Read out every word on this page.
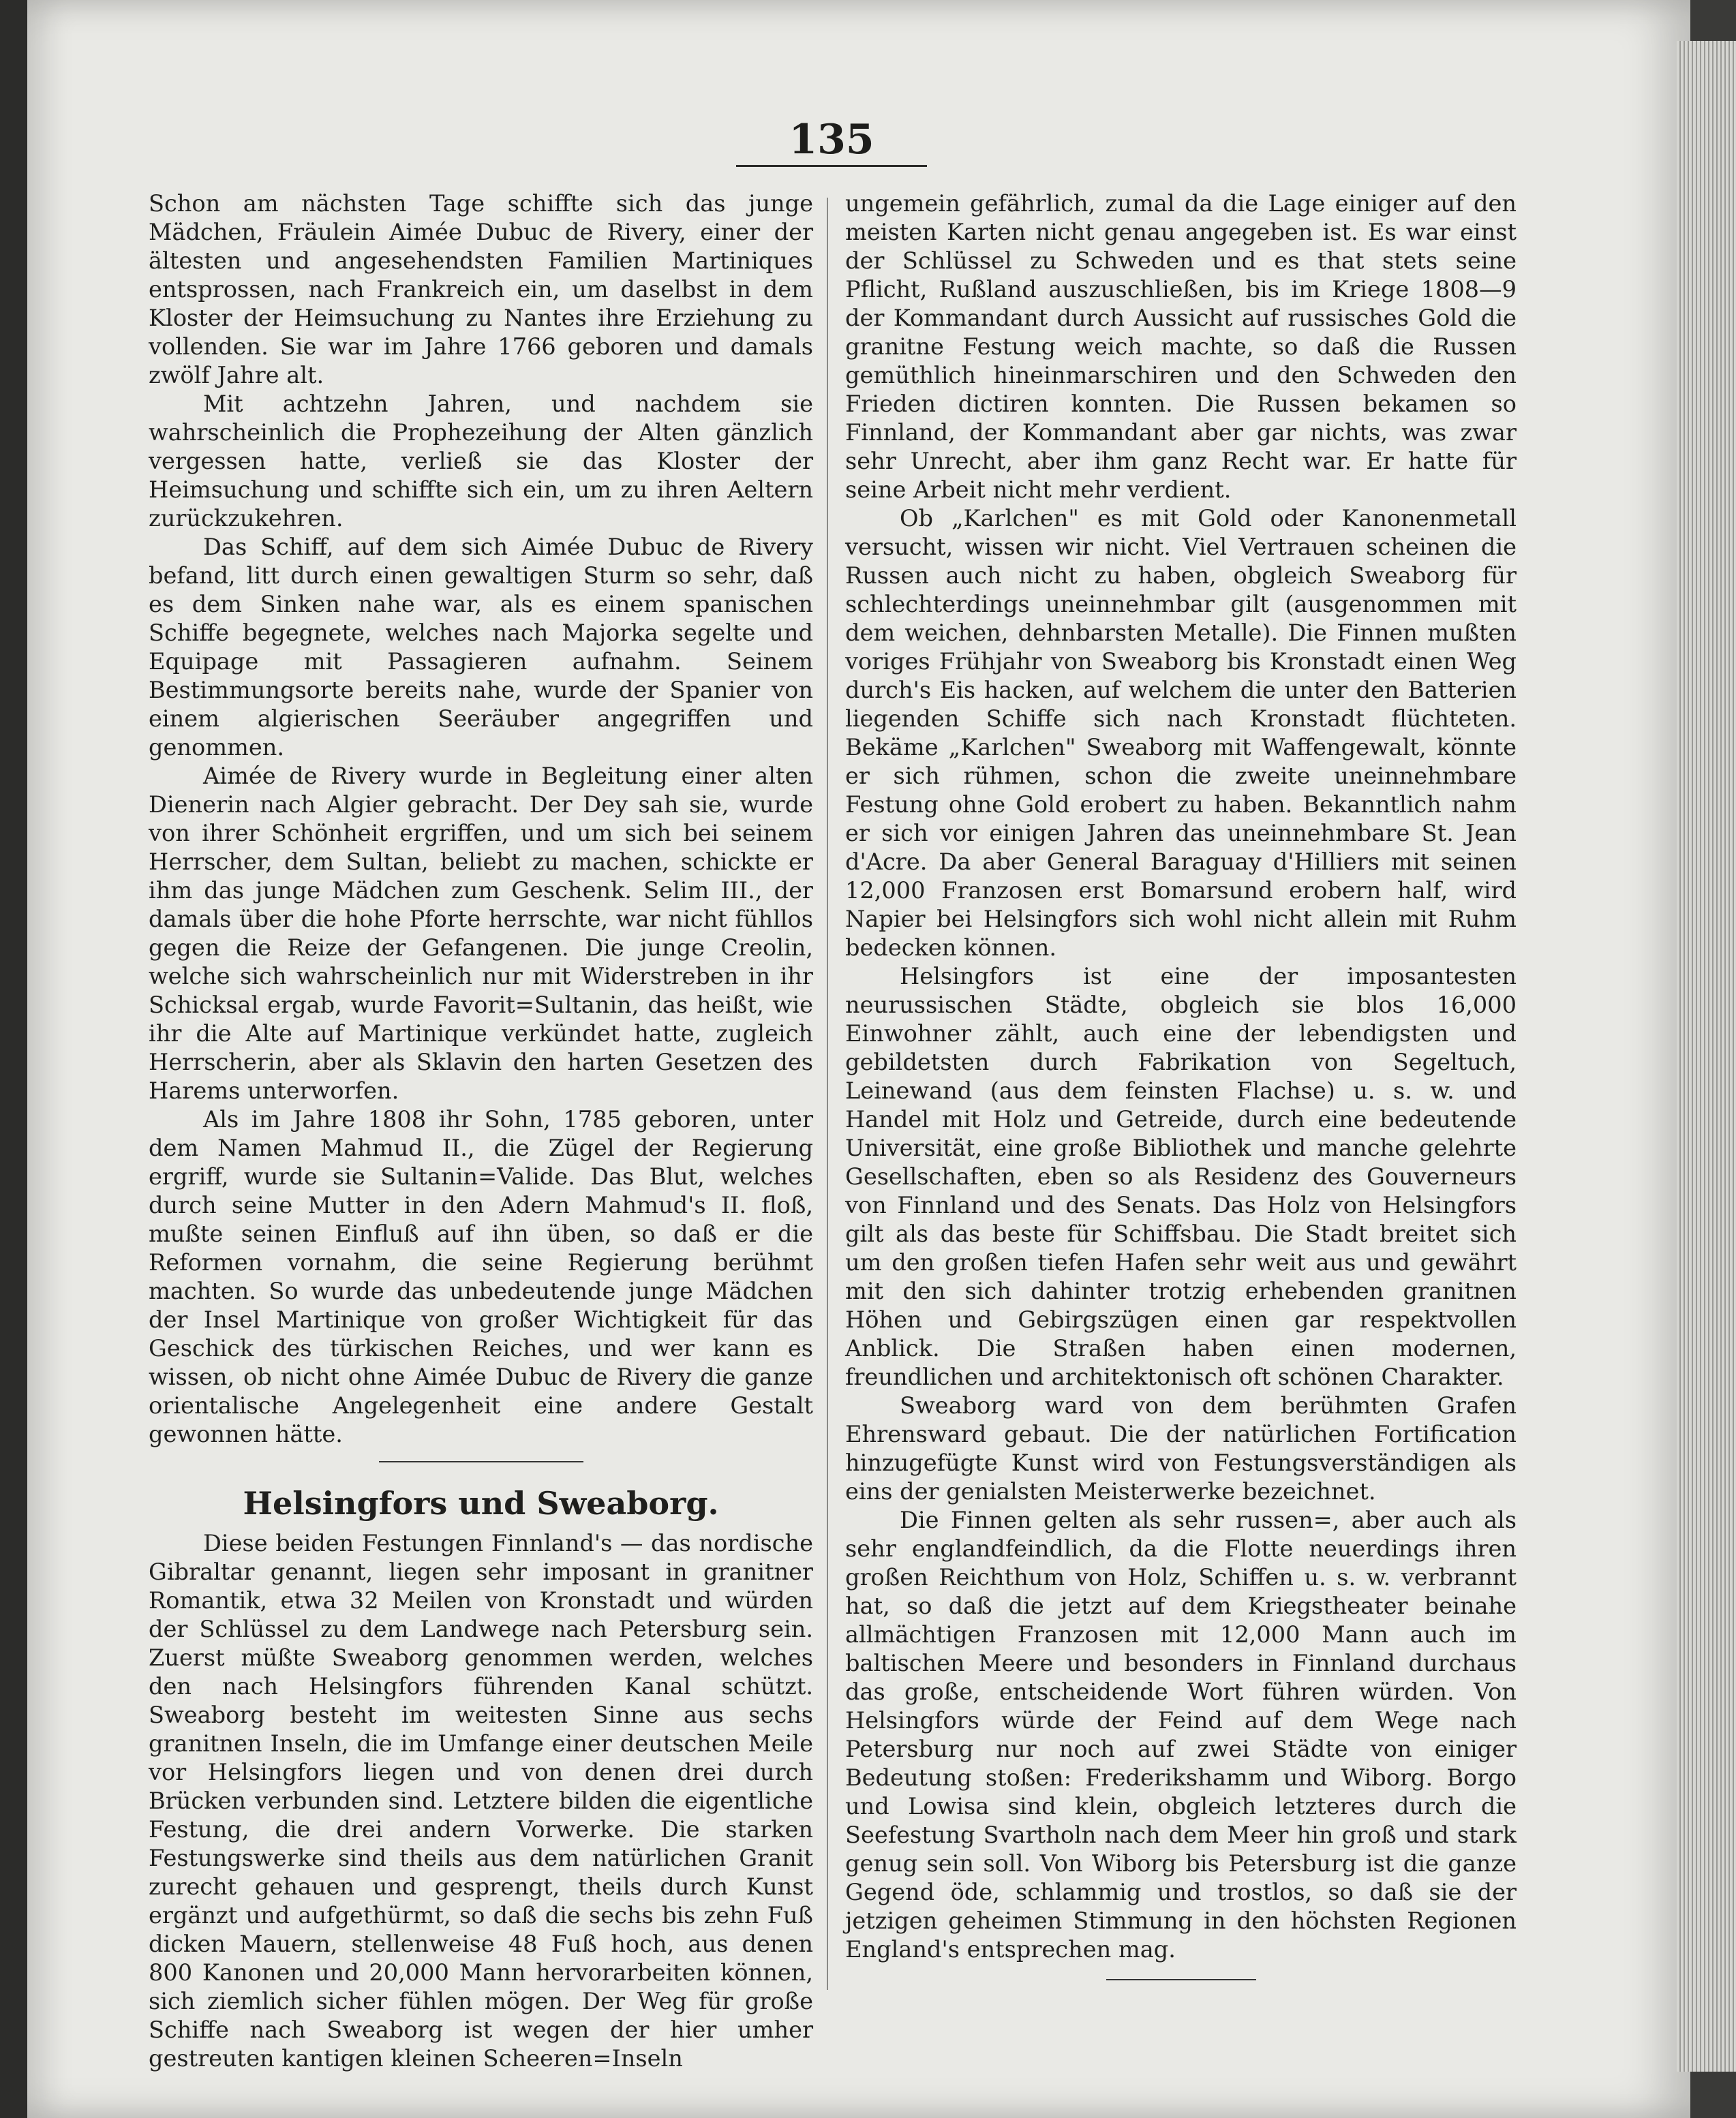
135

Schon am nächsten Tage schiffte sich das junge Mädchen, Fräulein Aimée Dubuc de Rivery, einer der ältesten und angesehendsten Familien Martiniques entsprossen, nach Frankreich ein, um daselbst in dem Kloster der Heimsuchung zu Nantes ihre Erziehung zu vollenden. Sie war im Jahre 1766 geboren und damals zwölf Jahre alt.

Mit achtzehn Jahren, und nachdem sie wahrscheinlich die Prophezeihung der Alten gänzlich vergessen hatte, verließ sie das Kloster der Heimsuchung und schiffte sich ein, um zu ihren Aeltern zurückzukehren.

Das Schiff, auf dem sich Aimée Dubuc de Rivery befand, litt durch einen gewaltigen Sturm so sehr, daß es dem Sinken nahe war, als es einem spanischen Schiffe begegnete, welches nach Majorka segelte und Equipage mit Passagieren aufnahm. Seinem Bestimmungsorte bereits nahe, wurde der Spanier von einem algierischen Seeräuber angegriffen und genommen.

Aimée de Rivery wurde in Begleitung einer alten Dienerin nach Algier gebracht. Der Dey sah sie, wurde von ihrer Schönheit ergriffen, und um sich bei seinem Herrscher, dem Sultan, beliebt zu machen, schickte er ihm das junge Mädchen zum Geschenk. Selim III., der damals über die hohe Pforte herrschte, war nicht fühllos gegen die Reize der Gefangenen. Die junge Creolin, welche sich wahrscheinlich nur mit Widerstreben in ihr Schicksal ergab, wurde Favorit=Sultanin, das heißt, wie ihr die Alte auf Martinique verkündet hatte, zugleich Herrscherin, aber als Sklavin den harten Gesetzen des Harems unterworfen.

Als im Jahre 1808 ihr Sohn, 1785 geboren, unter dem Namen Mahmud II., die Zügel der Regierung ergriff, wurde sie Sultanin=Valide. Das Blut, welches durch seine Mutter in den Adern Mahmud's II. floß, mußte seinen Einfluß auf ihn üben, so daß er die Reformen vornahm, die seine Regierung berühmt machten. So wurde das unbedeutende junge Mädchen der Insel Martinique von großer Wichtigkeit für das Geschick des türkischen Reiches, und wer kann es wissen, ob nicht ohne Aimée Dubuc de Rivery die ganze orientalische Angelegenheit eine andere Gestalt gewonnen hätte.

Helsingfors und Sweaborg.

Diese beiden Festungen Finnland's — das nordische Gibraltar genannt, liegen sehr imposant in granitner Romantik, etwa 32 Meilen von Kronstadt und würden der Schlüssel zu dem Landwege nach Petersburg sein. Zuerst müßte Sweaborg genommen werden, welches den nach Helsingfors führenden Kanal schützt. Sweaborg besteht im weitesten Sinne aus sechs granitnen Inseln, die im Umfange einer deutschen Meile vor Helsingfors liegen und von denen drei durch Brücken verbunden sind. Letztere bilden die eigentliche Festung, die drei andern Vorwerke. Die starken Festungswerke sind theils aus dem natürlichen Granit zurecht gehauen und gesprengt, theils durch Kunst ergänzt und aufgethürmt, so daß die sechs bis zehn Fuß dicken Mauern, stellenweise 48 Fuß hoch, aus denen 800 Kanonen und 20,000 Mann hervorarbeiten können, sich ziemlich sicher fühlen mögen. Der Weg für große Schiffe nach Sweaborg ist wegen der hier umher gestreuten kantigen kleinen Scheeren=Inseln

ungemein gefährlich, zumal da die Lage einiger auf den meisten Karten nicht genau angegeben ist. Es war einst der Schlüssel zu Schweden und es that stets seine Pflicht, Rußland auszuschließen, bis im Kriege 1808—9 der Kommandant durch Aussicht auf russisches Gold die granitne Festung weich machte, so daß die Russen gemüthlich hineinmarschiren und den Schweden den Frieden dictiren konnten. Die Russen bekamen so Finnland, der Kommandant aber gar nichts, was zwar sehr Unrecht, aber ihm ganz Recht war. Er hatte für seine Arbeit nicht mehr verdient.

Ob „Karlchen" es mit Gold oder Kanonenmetall versucht, wissen wir nicht. Viel Vertrauen scheinen die Russen auch nicht zu haben, obgleich Sweaborg für schlechterdings uneinnehmbar gilt (ausgenommen mit dem weichen, dehnbarsten Metalle). Die Finnen mußten voriges Frühjahr von Sweaborg bis Kronstadt einen Weg durch's Eis hacken, auf welchem die unter den Batterien liegenden Schiffe sich nach Kronstadt flüchteten. Bekäme „Karlchen" Sweaborg mit Waffengewalt, könnte er sich rühmen, schon die zweite uneinnehmbare Festung ohne Gold erobert zu haben. Bekanntlich nahm er sich vor einigen Jahren das uneinnehmbare St. Jean d'Acre. Da aber General Baraguay d'Hilliers mit seinen 12,000 Franzosen erst Bomarsund erobern half, wird Napier bei Helsingfors sich wohl nicht allein mit Ruhm bedecken können.

Helsingfors ist eine der imposantesten neurussischen Städte, obgleich sie blos 16,000 Einwohner zählt, auch eine der lebendigsten und gebildetsten durch Fabrikation von Segeltuch, Leinewand (aus dem feinsten Flachse) u. s. w. und Handel mit Holz und Getreide, durch eine bedeutende Universität, eine große Bibliothek und manche gelehrte Gesellschaften, eben so als Residenz des Gouverneurs von Finnland und des Senats. Das Holz von Helsingfors gilt als das beste für Schiffsbau. Die Stadt breitet sich um den großen tiefen Hafen sehr weit aus und gewährt mit den sich dahinter trotzig erhebenden granitnen Höhen und Gebirgszügen einen gar respektvollen Anblick. Die Straßen haben einen modernen, freundlichen und architektonisch oft schönen Charakter.

Sweaborg ward von dem berühmten Grafen Ehrensward gebaut. Die der natürlichen Fortification hinzugefügte Kunst wird von Festungsverständigen als eins der genialsten Meisterwerke bezeichnet.

Die Finnen gelten als sehr russen=, aber auch als sehr englandfeindlich, da die Flotte neuerdings ihren großen Reichthum von Holz, Schiffen u. s. w. verbrannt hat, so daß die jetzt auf dem Kriegstheater beinahe allmächtigen Franzosen mit 12,000 Mann auch im baltischen Meere und besonders in Finnland durchaus das große, entscheidende Wort führen würden. Von Helsingfors würde der Feind auf dem Wege nach Petersburg nur noch auf zwei Städte von einiger Bedeutung stoßen: Frederikshamm und Wiborg. Borgo und Lowisa sind klein, obgleich letzteres durch die Seefestung Svartholn nach dem Meer hin groß und stark genug sein soll. Von Wiborg bis Petersburg ist die ganze Gegend öde, schlammig und trostlos, so daß sie der jetzigen geheimen Stimmung in den höchsten Regionen England's entsprechen mag.
